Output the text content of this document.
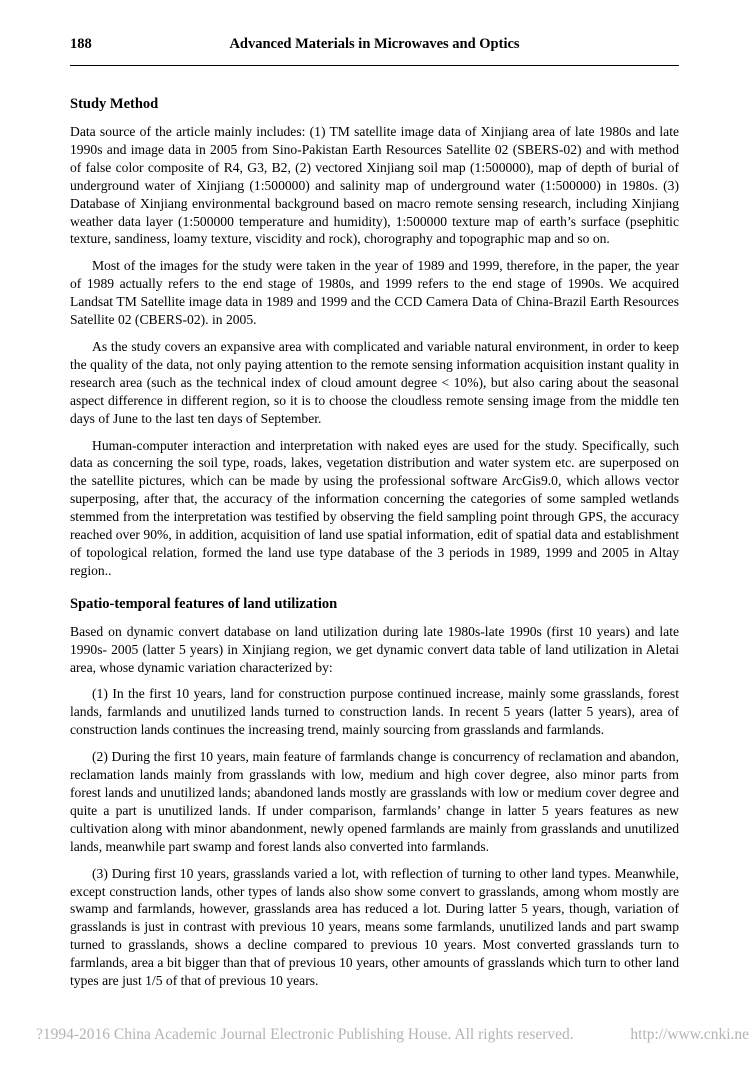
188	Advanced Materials in Microwaves and Optics
Study Method

Data source of the article mainly includes: (1) TM satellite image data of Xinjiang area of late 1980s and late 1990s and image data in 2005 from Sino-Pakistan Earth Resources Satellite 02 (SBERS-02) and with method of false color composite of R4, G3, B2, (2) vectored Xinjiang soil map (1:500000), map of depth of burial of underground water of Xinjiang (1:500000) and salinity map of underground water (1:500000) in 1980s. (3) Database of Xinjiang environmental background based on macro remote sensing research, including Xinjiang weather data layer (1:500000 temperature and humidity), 1:500000 texture map of earth’s surface (psephitic texture, sandiness, loamy texture, viscidity and rock), chorography and topographic map and so on.

Most of the images for the study were taken in the year of 1989 and 1999, therefore, in the paper, the year of 1989 actually refers to the end stage of 1980s, and 1999 refers to the end stage of 1990s. We acquired Landsat TM Satellite image data in 1989 and 1999 and the CCD Camera Data of China-Brazil Earth Resources Satellite 02 (CBERS-02). in 2005.

As the study covers an expansive area with complicated and variable natural environment, in order to keep the quality of the data, not only paying attention to the remote sensing information acquisition instant quality in research area (such as the technical index of cloud amount degree < 10%), but also caring about the seasonal aspect difference in different region, so it is to choose the cloudless remote sensing image from the middle ten days of June to the last ten days of September.

Human-computer interaction and interpretation with naked eyes are used for the study. Specifically, such data as concerning the soil type, roads, lakes, vegetation distribution and water system etc. are superposed on the satellite pictures, which can be made by using the professional software ArcGis9.0, which allows vector superposing, after that, the accuracy of the information concerning the categories of some sampled wetlands stemmed from the interpretation was testified by observing the field sampling point through GPS, the accuracy reached over 90%, in addition, acquisition of land use spatial information, edit of spatial data and establishment of topological relation, formed the land use type database of the 3 periods in 1989, 1999 and 2005 in Altay region..

Spatio-temporal features of land utilization

Based on dynamic convert database on land utilization during late 1980s-late 1990s (first 10 years) and late 1990s- 2005 (latter 5 years) in Xinjiang region, we get dynamic convert data table of land utilization in Aletai area, whose dynamic variation characterized by:

(1) In the first 10 years, land for construction purpose continued increase, mainly some grasslands, forest lands, farmlands and unutilized lands turned to construction lands. In recent 5 years (latter 5 years), area of construction lands continues the increasing trend, mainly sourcing from grasslands and farmlands.

(2) During the first 10 years, main feature of farmlands change is concurrency of reclamation and abandon, reclamation lands mainly from grasslands with low, medium and high cover degree, also minor parts from forest lands and unutilized lands; abandoned lands mostly are grasslands with low or medium cover degree and quite a part is unutilized lands. If under comparison, farmlands’ change in latter 5 years features as new cultivation along with minor abandonment, newly opened farmlands are mainly from grasslands and unutilized lands, meanwhile part swamp and forest lands also converted into farmlands.

(3) During first 10 years, grasslands varied a lot, with reflection of turning to other land types. Meanwhile, except construction lands, other types of lands also show some convert to grasslands, among whom mostly are swamp and farmlands, however, grasslands area has reduced a lot. During latter 5 years, though, variation of grasslands is just in contrast with previous 10 years, means some farmlands, unutilized lands and part swamp turned to grasslands, shows a decline compared to previous 10 years. Most converted grasslands turn to farmlands, area a bit bigger than that of previous 10 years, other amounts of grasslands which turn to other land types are just 1/5 of that of previous 10 years.

?1994-2016 China Academic Journal Electronic Publishing House. All rights reserved.	http://www.cnki.ne
